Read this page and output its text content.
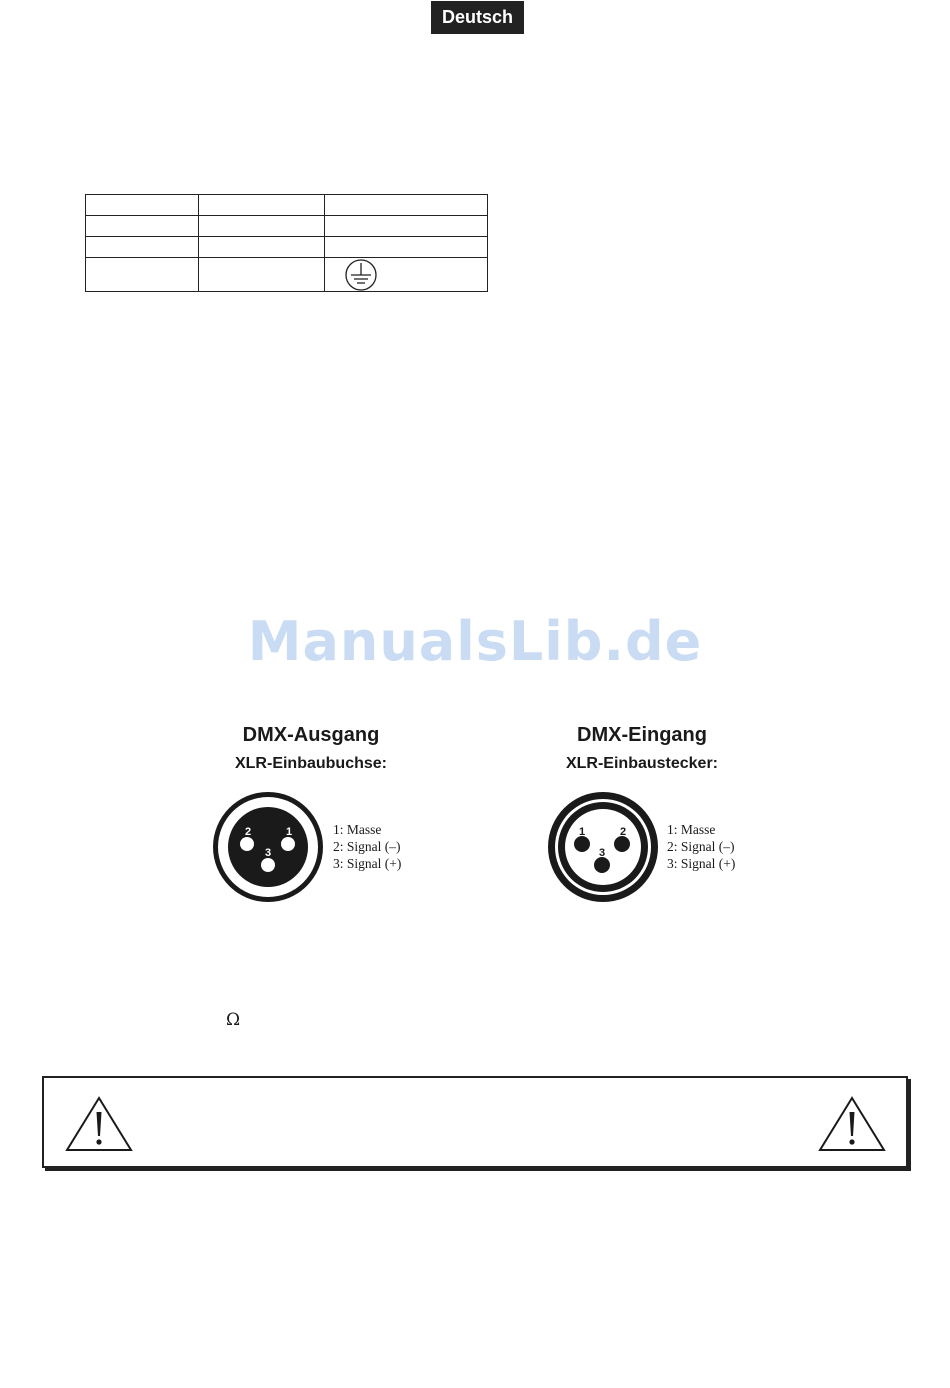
Deutsch

ManualsLib.de
DMX-Ausgang
XLR-Einbaubuchse:
2	1
3
1: Masse
2: Signal (–)
3: Signal (+)
DMX-Eingang
XLR-Einbaustecker:
1	2
3
1: Masse
2: Signal (–)
3: Signal (+)
Ω
